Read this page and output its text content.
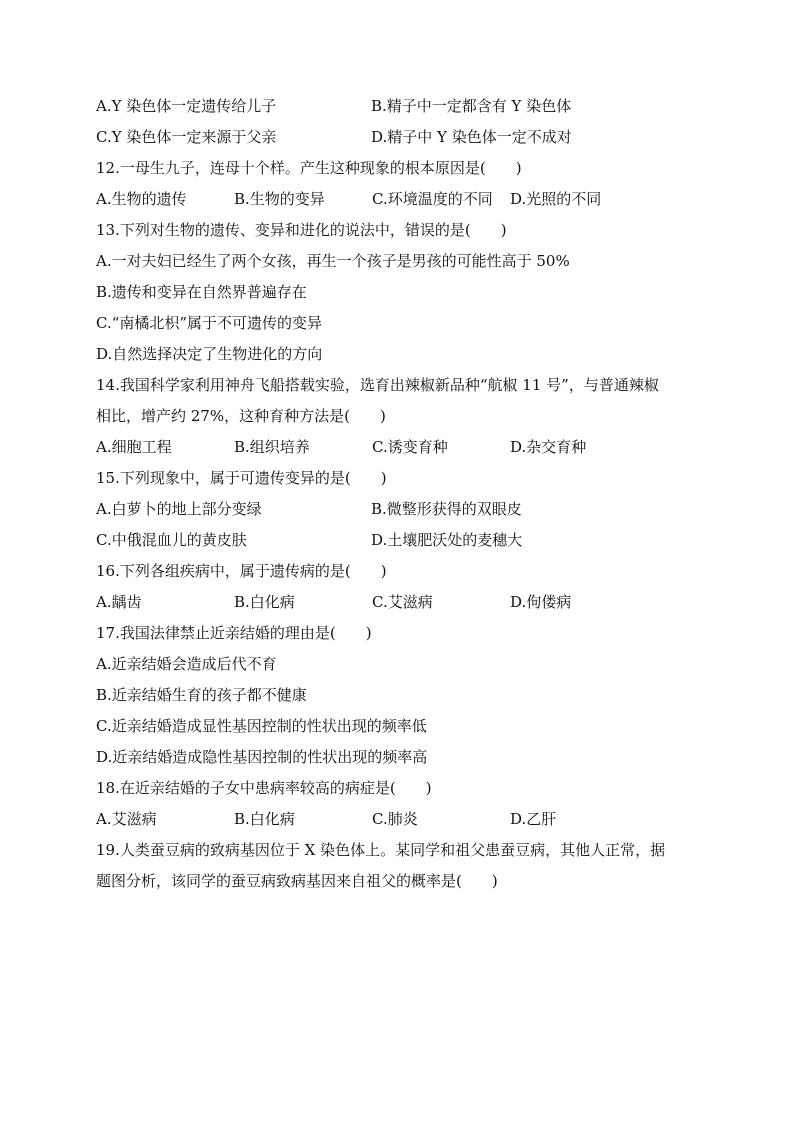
A.Y 染色体一定遗传给儿子	B.精子中一定都含有 Y 染色体
C.Y 染色体一定来源于父亲	D.精子中 Y 染色体一定不成对
12.一母生九子，连母十个样。产生这种现象的根本原因是(　　)
A.生物的遗传	B.生物的变异	C.环境温度的不同 D.光照的不同
13.下列对生物的遗传、变异和进化的说法中，错误的是(　　)
A.一对夫妇已经生了两个女孩，再生一个孩子是男孩的可能性高于 50%
B.遗传和变异在自然界普遍存在
C.“南橘北枳”属于不可遗传的变异
D.自然选择决定了生物进化的方向
14.我国科学家利用神舟飞船搭载实验，选育出辣椒新品种“航椒 11 号”，与普通辣椒
相比，增产约 27%，这种育种方法是(　　)
A.细胞工程	B.组织培养	C.诱变育种	D.杂交育种
15.下列现象中，属于可遗传变异的是(　　)
A.白萝卜的地上部分变绿	B.微整形获得的双眼皮
C.中俄混血儿的黄皮肤	D.土壤肥沃处的麦穗大
16.下列各组疾病中，属于遗传病的是(　　)
A.龋齿	B.白化病	C.艾滋病	D.佝偻病
17.我国法律禁止近亲结婚的理由是(　　)
A.近亲结婚会造成后代不育
B.近亲结婚生育的孩子都不健康
C.近亲结婚造成显性基因控制的性状出现的频率低
D.近亲结婚造成隐性基因控制的性状出现的频率高
18.在近亲结婚的子女中患病率较高的病症是(　　)
A.艾滋病	B.白化病	C.肺炎	D.乙肝
19.人类蚕豆病的致病基因位于 X 染色体上。某同学和祖父患蚕豆病，其他人正常，据
题图分析，该同学的蚕豆病致病基因来自祖父的概率是(　　)
